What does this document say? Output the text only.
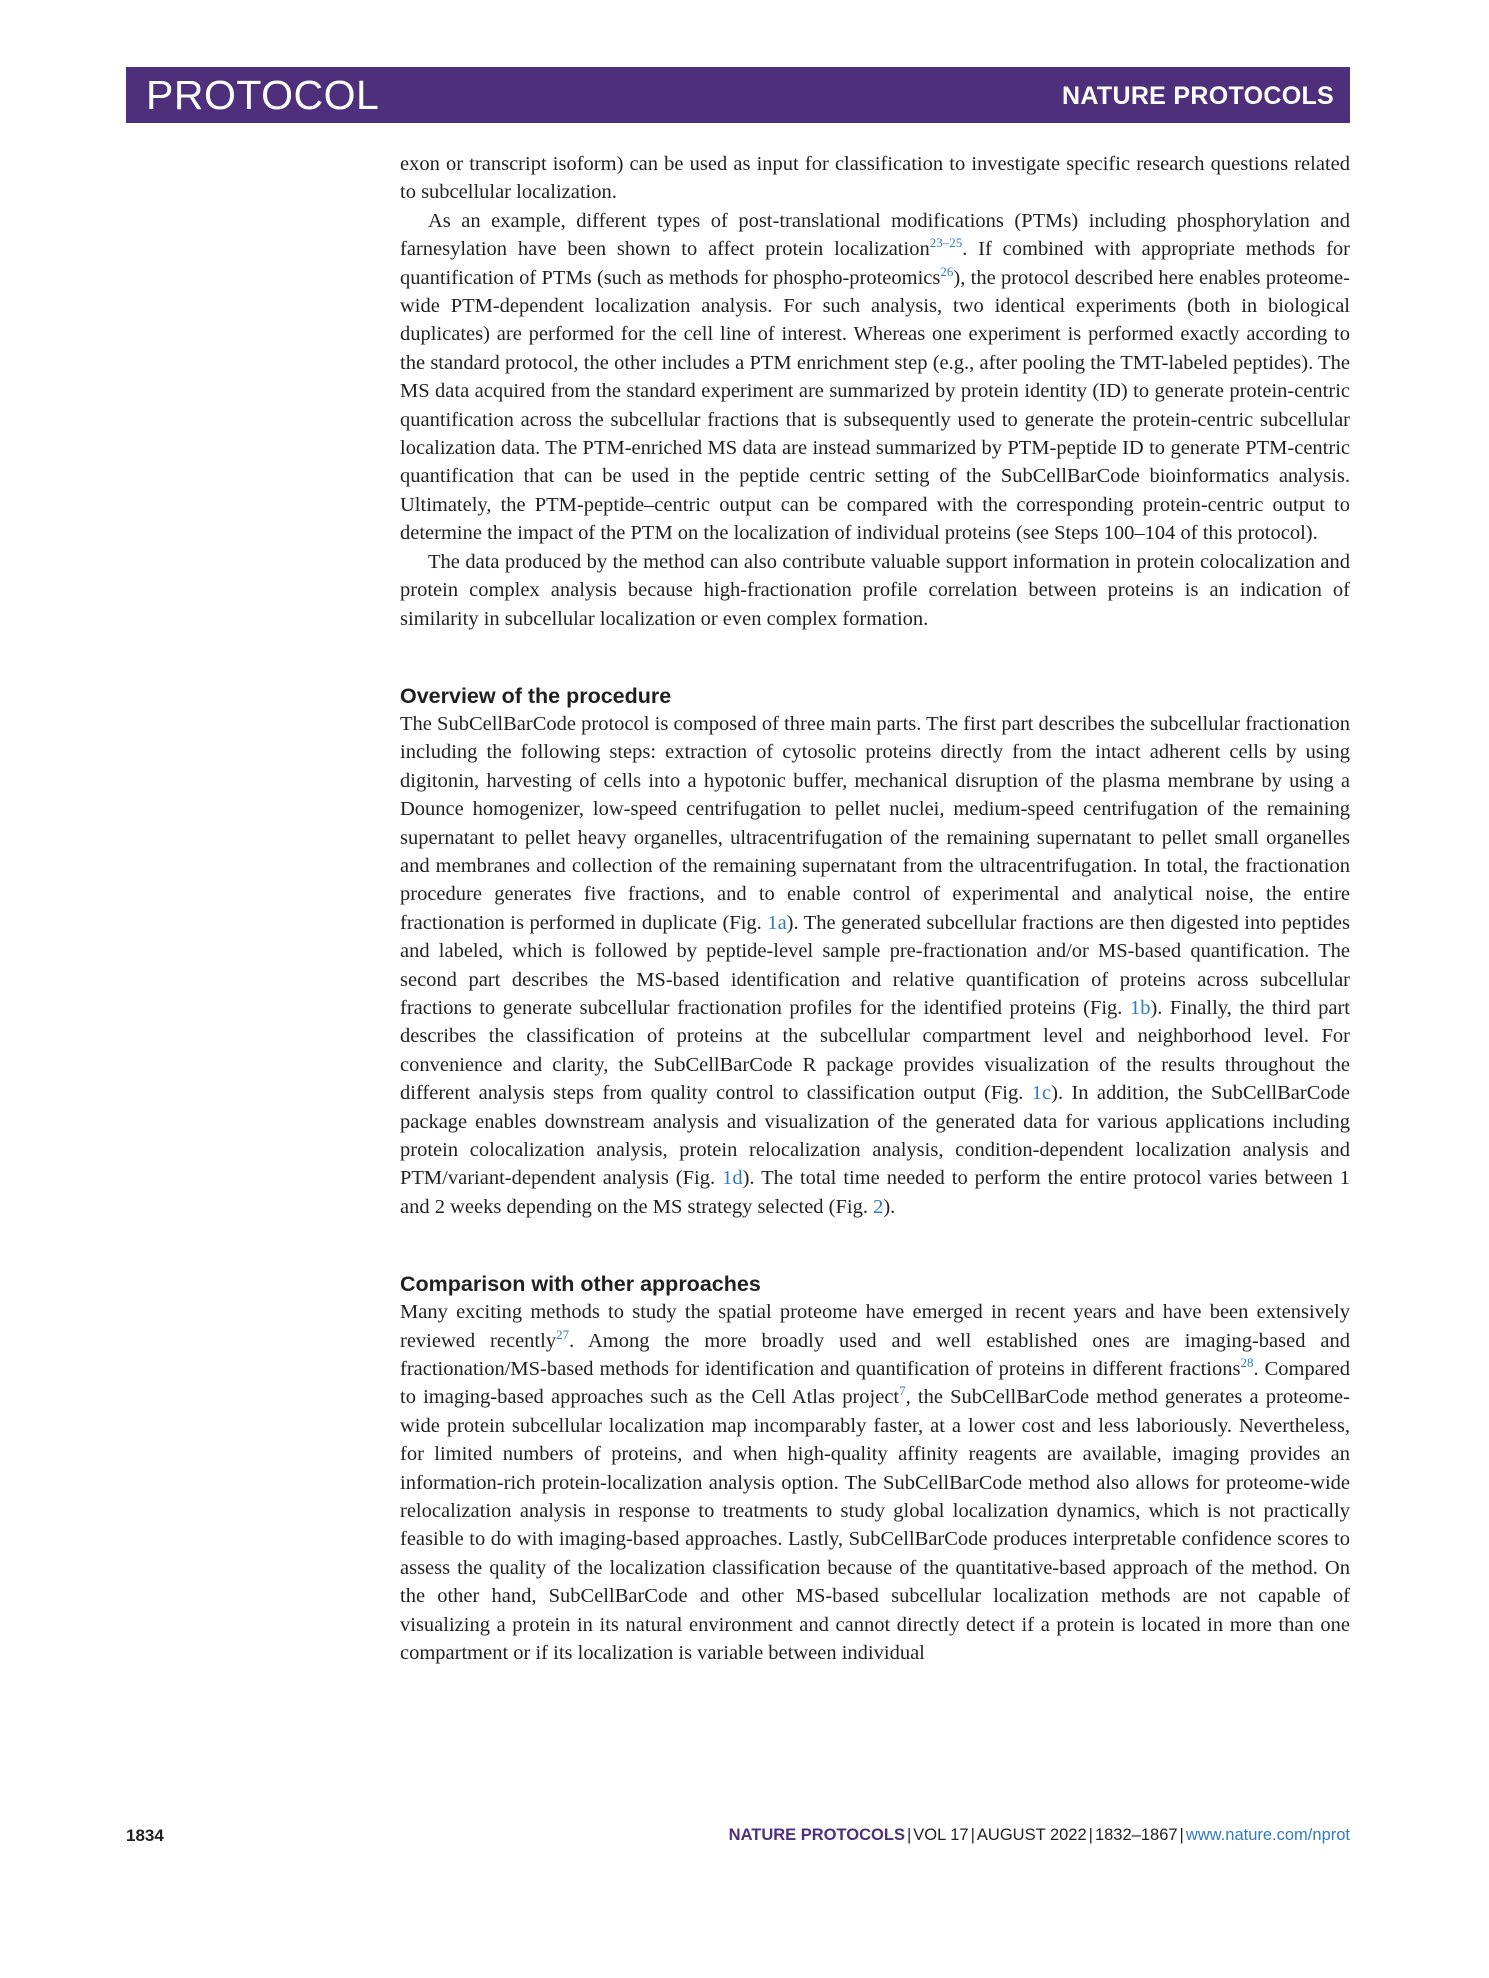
PROTOCOL	NATURE PROTOCOLS

exon or transcript isoform) can be used as input for classification to investigate specific research questions related to subcellular localization.

As an example, different types of post-translational modifications (PTMs) including phosphorylation and farnesylation have been shown to affect protein localization$^{23-25}$. If combined with appropriate methods for quantification of PTMs (such as methods for phospho-proteomics$^{26}$), the protocol described here enables proteome-wide PTM-dependent localization analysis. For such analysis, two identical experiments (both in biological duplicates) are performed for the cell line of interest. Whereas one experiment is performed exactly according to the standard protocol, the other includes a PTM enrichment step (e.g., after pooling the TMT-labeled peptides). The MS data acquired from the standard experiment are summarized by protein identity (ID) to generate protein-centric quantification across the subcellular fractions that is subsequently used to generate the protein-centric subcellular localization data. The PTM-enriched MS data are instead summarized by PTM-peptide ID to generate PTM-centric quantification that can be used in the peptide centric setting of the SubCellBarCode bioinformatics analysis. Ultimately, the PTM-peptide–centric output can be compared with the corresponding protein-centric output to determine the impact of the PTM on the localization of individual proteins (see Steps 100–104 of this protocol).

The data produced by the method can also contribute valuable support information in protein colocalization and protein complex analysis because high-fractionation profile correlation between proteins is an indication of similarity in subcellular localization or even complex formation.

Overview of the procedure

The SubCellBarCode protocol is composed of three main parts. The first part describes the subcellular fractionation including the following steps: extraction of cytosolic proteins directly from the intact adherent cells by using digitonin, harvesting of cells into a hypotonic buffer, mechanical disruption of the plasma membrane by using a Dounce homogenizer, low-speed centrifugation to pellet nuclei, medium-speed centrifugation of the remaining supernatant to pellet heavy organelles, ultracentrifugation of the remaining supernatant to pellet small organelles and membranes and collection of the remaining supernatant from the ultracentrifugation. In total, the fractionation procedure generates five fractions, and to enable control of experimental and analytical noise, the entire fractionation is performed in duplicate (Fig. 1a). The generated subcellular fractions are then digested into peptides and labeled, which is followed by peptide-level sample pre-fractionation and/or MS-based quantification. The second part describes the MS-based identification and relative quantification of proteins across subcellular fractions to generate subcellular fractionation profiles for the identified proteins (Fig. 1b). Finally, the third part describes the classification of proteins at the subcellular compartment level and neighborhood level. For convenience and clarity, the SubCellBarCode R package provides visualization of the results throughout the different analysis steps from quality control to classification output (Fig. 1c). In addition, the SubCellBarCode package enables downstream analysis and visualization of the generated data for various applications including protein colocalization analysis, protein relocalization analysis, condition-dependent localization analysis and PTM/variant-dependent analysis (Fig. 1d). The total time needed to perform the entire protocol varies between 1 and 2 weeks depending on the MS strategy selected (Fig. 2).

Comparison with other approaches

Many exciting methods to study the spatial proteome have emerged in recent years and have been extensively reviewed recently$^{27}$. Among the more broadly used and well established ones are imaging-based and fractionation/MS-based methods for identification and quantification of proteins in different fractions$^{28}$. Compared to imaging-based approaches such as the Cell Atlas project$^7$, the SubCellBarCode method generates a proteome-wide protein subcellular localization map incomparably faster, at a lower cost and less laboriously. Nevertheless, for limited numbers of proteins, and when high-quality affinity reagents are available, imaging provides an information-rich protein-localization analysis option. The SubCellBarCode method also allows for proteome-wide relocalization analysis in response to treatments to study global localization dynamics, which is not practically feasible to do with imaging-based approaches. Lastly, SubCellBarCode produces interpretable confidence scores to assess the quality of the localization classification because of the quantitative-based approach of the method. On the other hand, SubCellBarCode and other MS-based subcellular localization methods are not capable of visualizing a protein in its natural environment and cannot directly detect if a protein is located in more than one compartment or if its localization is variable between individual

1834	NATURE PROTOCOLS | VOL 17 | AUGUST 2022 | 1832–1867 | www.nature.com/nprot
